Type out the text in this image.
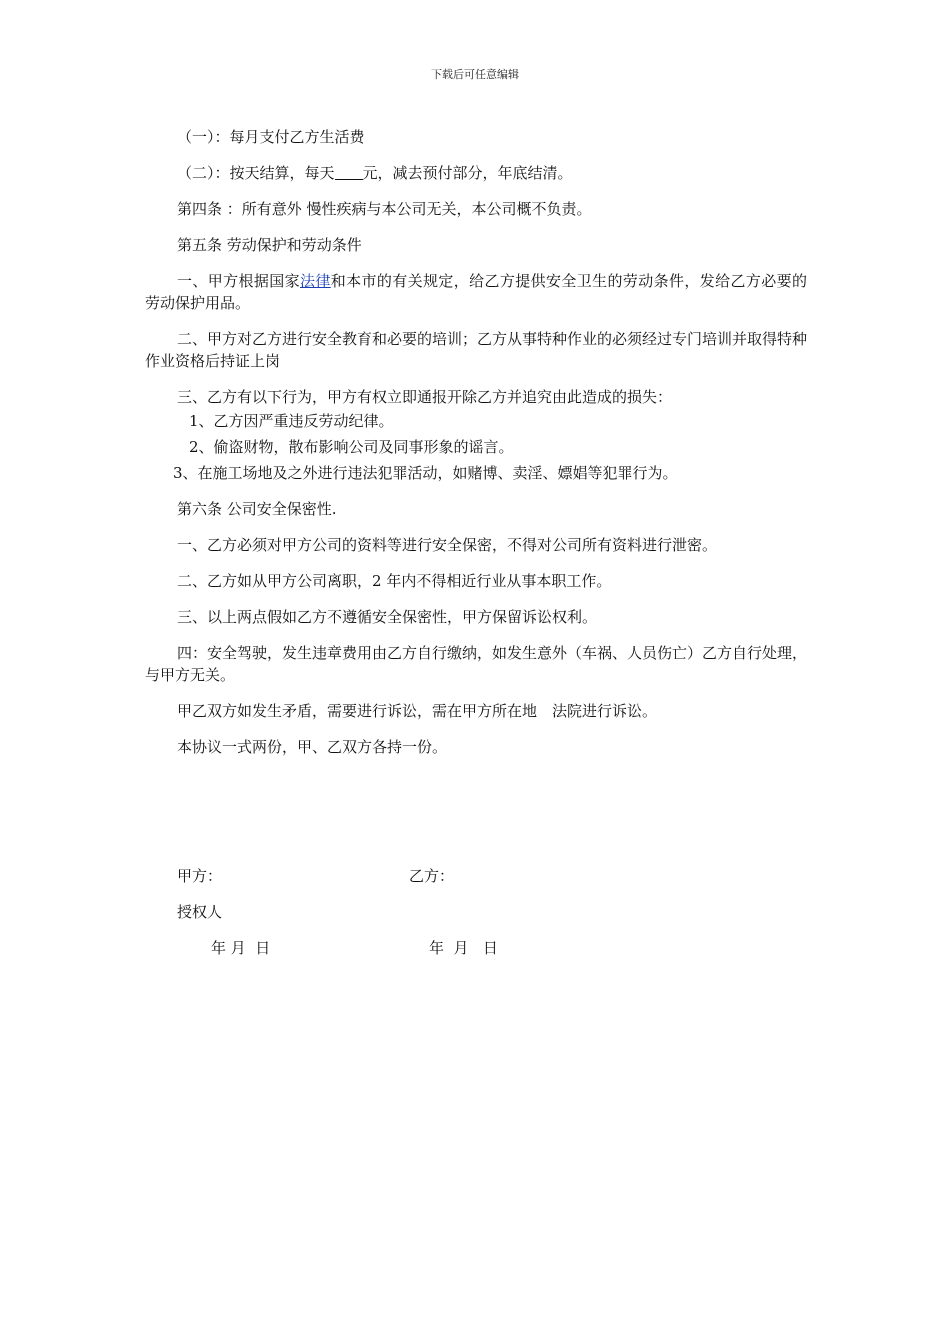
下载后可任意编辑

（一）：每月支付乙方生活费

（二）：按天结算，每天 元，减去预付部分，年底结清。

第四条 ：所有意外 慢性疾病与本公司无关，本公司概不负责。

第五条 劳动保护和劳动条件

一、甲方根据国家法律和本市的有关规定，给乙方提供安全卫生的劳动条件，发给乙方必要的劳动保护用品。

二、甲方对乙方进行安全教育和必要的培训；乙方从事特种作业的必须经过专门培训并取得特种作业资格后持证上岗

三、乙方有以下行为，甲方有权立即通报开除乙方并追究由此造成的损失：

1、乙方因严重违反劳动纪律。

2、偷盗财物，散布影响公司及同事形象的谣言。

3、在施工场地及之外进行违法犯罪活动，如赌博、卖淫、嫖娼等犯罪行为。

第六条 公司安全保密性.

一、乙方必须对甲方公司的资料等进行安全保密，不得对公司所有资料进行泄密。

二、乙方如从甲方公司离职，2 年内不得相近行业从事本职工作。

三、以上两点假如乙方不遵循安全保密性，甲方保留诉讼权利。

四：安全驾驶，发生违章费用由乙方自行缴纳，如发生意外（车祸、人员伤亡）乙方自行处理，与甲方无关。

甲乙双方如发生矛盾，需要进行诉讼，需在甲方所在地　法院进行诉讼。

本协议一式两份，甲、乙双方各持一份。

甲方：	乙方：
授权人
年 月  日	年  月   日
